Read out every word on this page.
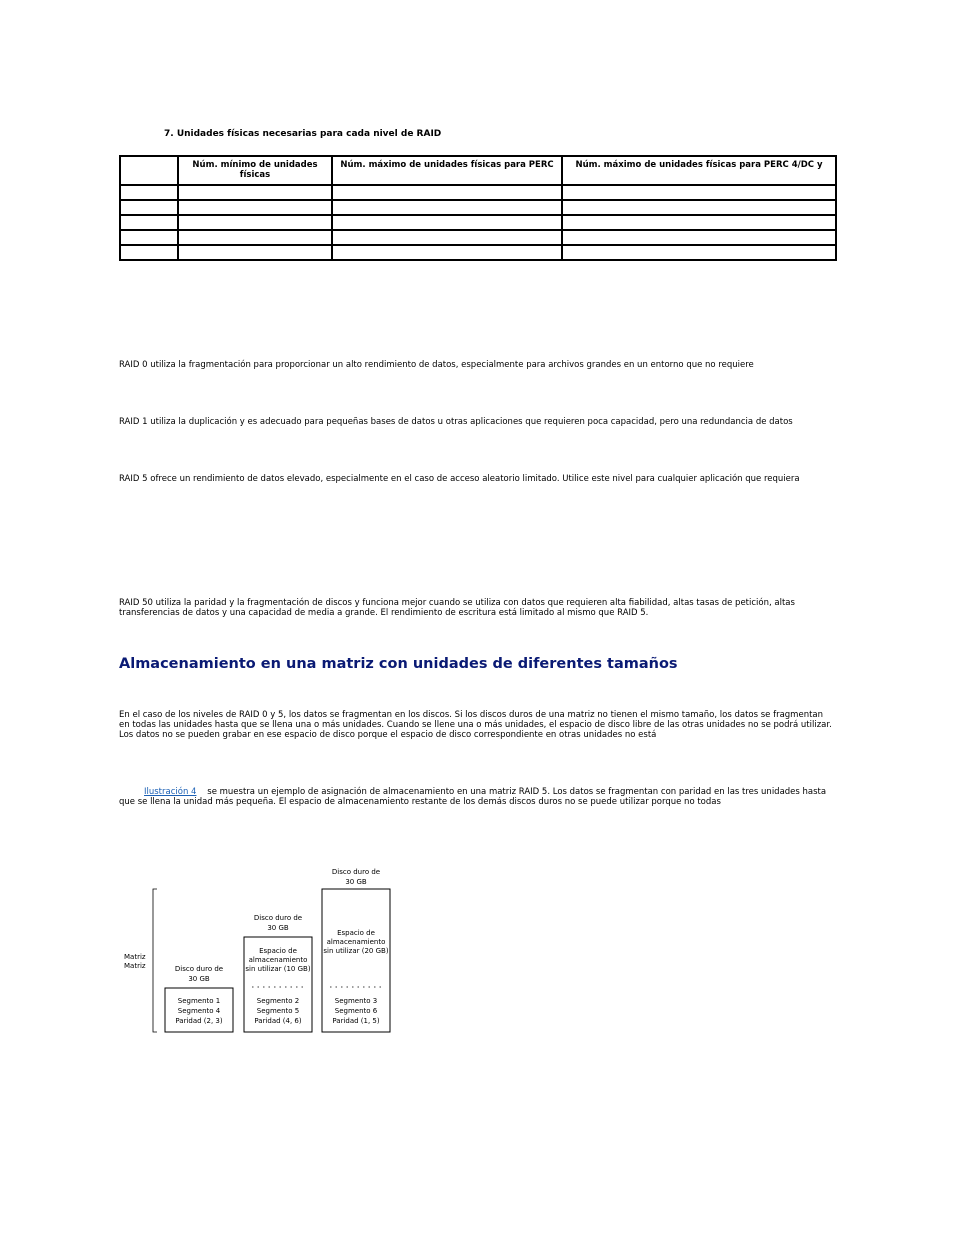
7. Unidades físicas necesarias para cada nivel de RAID
	Núm. mínimo de unidades físicas	Núm. máximo de unidades físicas para PERC	Núm. máximo de unidades físicas para PERC 4/DC y

RAID 0 utiliza la fragmentación para proporcionar un alto rendimiento de datos, especialmente para archivos grandes en un entorno que no requiere

RAID 1 utiliza la duplicación y es adecuado para pequeñas bases de datos u otras aplicaciones que requieren poca capacidad, pero una redundancia de datos

RAID 5 ofrece un rendimiento de datos elevado, especialmente en el caso de acceso aleatorio limitado. Utilice este nivel para cualquier aplicación que requiera

RAID 50 utiliza la paridad y la fragmentación de discos y funciona mejor cuando se utiliza con datos que requieren alta fiabilidad, altas tasas de petición, altas transferencias de datos y una capacidad de media a grande. El rendimiento de escritura está limitado al mismo que RAID 5.

Almacenamiento en una matriz con unidades de diferentes tamaños

En el caso de los niveles de RAID 0 y 5, los datos se fragmentan en los discos. Si los discos duros de una matriz no tienen el mismo tamaño, los datos se fragmentan en todas las unidades hasta que se llena una o más unidades. Cuando se llene una o más unidades, el espacio de disco libre de las otras unidades no se podrá utilizar. Los datos no se pueden grabar en ese espacio de disco porque el espacio de disco correspondiente en otras unidades no está

Ilustración 4    se muestra un ejemplo de asignación de almacenamiento en una matriz RAID 5. Los datos se fragmentan con paridad en las tres unidades hasta que se llena la unidad más pequeña. El espacio de almacenamiento restante de los demás discos duros no se puede utilizar porque no todas

Matriz
Matriz	Disco duro de
30 GB
Segmento 1
Segmento 4
Paridad (2, 3)
Disco duro de
30 GB
Espacio de
almacenamiento
sin utilizar (10 GB)
Segmento 2
Segmento 5
Paridad (4, 6)
Disco duro de
30 GB
Espacio de
almacenamiento
sin utilizar (20 GB)
Segmento 3
Segmento 6
Paridad (1, 5)
